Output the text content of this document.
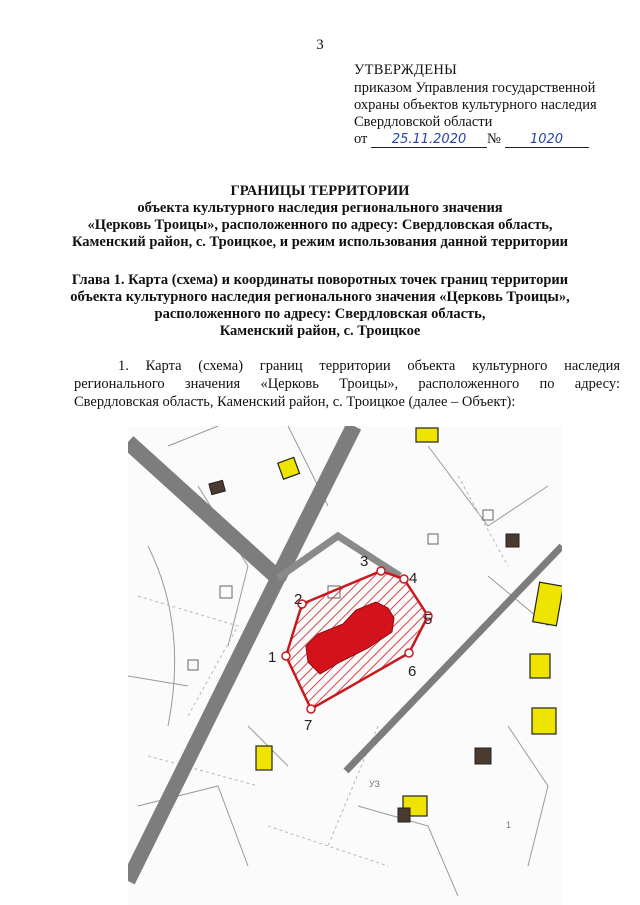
3
УТВЕРЖДЕНЫ
приказом Управления государственной
охраны объектов культурного наследия
Свердловской области
от 25.11.2020 № 1020
ГРАНИЦЫ ТЕРРИТОРИИ
объекта культурного наследия регионального значения
«Церковь Троицы», расположенного по адресу: Свердловская область,
Каменский район, с. Троицкое, и режим использования данной территории
Глава 1. Карта (схема) и координаты поворотных точек границ территории
объекта культурного наследия регионального значения «Церковь Троицы»,
расположенного по адресу: Свердловская область,
Каменский район, с. Троицкое
1. Карта (схема) границ территории объекта культурного наследия
регионального значения «Церковь Троицы», расположенного по адресу:
Свердловская область, Каменский район, с. Троицкое (далее – Объект):
1
2
3
4
5
6
7
УЗ
1
